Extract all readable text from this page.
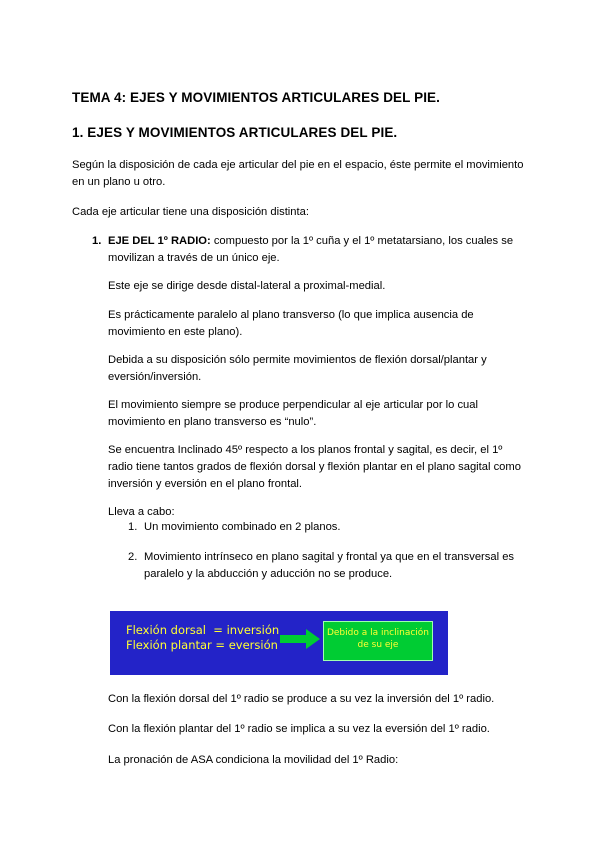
TEMA 4: EJES Y MOVIMIENTOS ARTICULARES DEL PIE.
1. EJES Y MOVIMIENTOS ARTICULARES DEL PIE.
Según la disposición de cada eje articular del pie en el espacio, éste permite el movimiento en un plano u otro.
Cada eje articular tiene una disposición distinta:
1. EJE DEL 1º RADIO: compuesto por la 1º cuña y el 1º metatarsiano, los cuales se movilizan a través de un único eje.
Este eje se dirige desde distal-lateral a proximal-medial.
Es prácticamente paralelo al plano transverso (lo que implica ausencia de movimiento en este plano).
Debida a su disposición sólo permite movimientos de flexión dorsal/plantar y eversión/inversión.
El movimiento siempre se produce perpendicular al eje articular por lo cual movimiento en plano transverso es “nulo”.
Se encuentra Inclinado 45º respecto a los planos frontal y sagital, es decir, el 1º radio tiene tantos grados de flexión dorsal y flexión plantar en el plano sagital como inversión y eversión en el plano frontal.
Lleva a cabo:
1. Un movimiento combinado en 2 planos.
2. Movimiento intrínseco en plano sagital y frontal ya que en el transversal es paralelo y la abducción y aducción no se produce.
Flexión dorsal  = inversión
Flexión plantar = eversión
Debido a la inclinación de su eje
Con la flexión dorsal del 1º radio se produce a su vez la inversión del 1º radio.
Con la flexión plantar del 1º radio se implica a su vez la eversión del 1º radio.
La pronación de ASA condiciona la movilidad del 1º Radio:
